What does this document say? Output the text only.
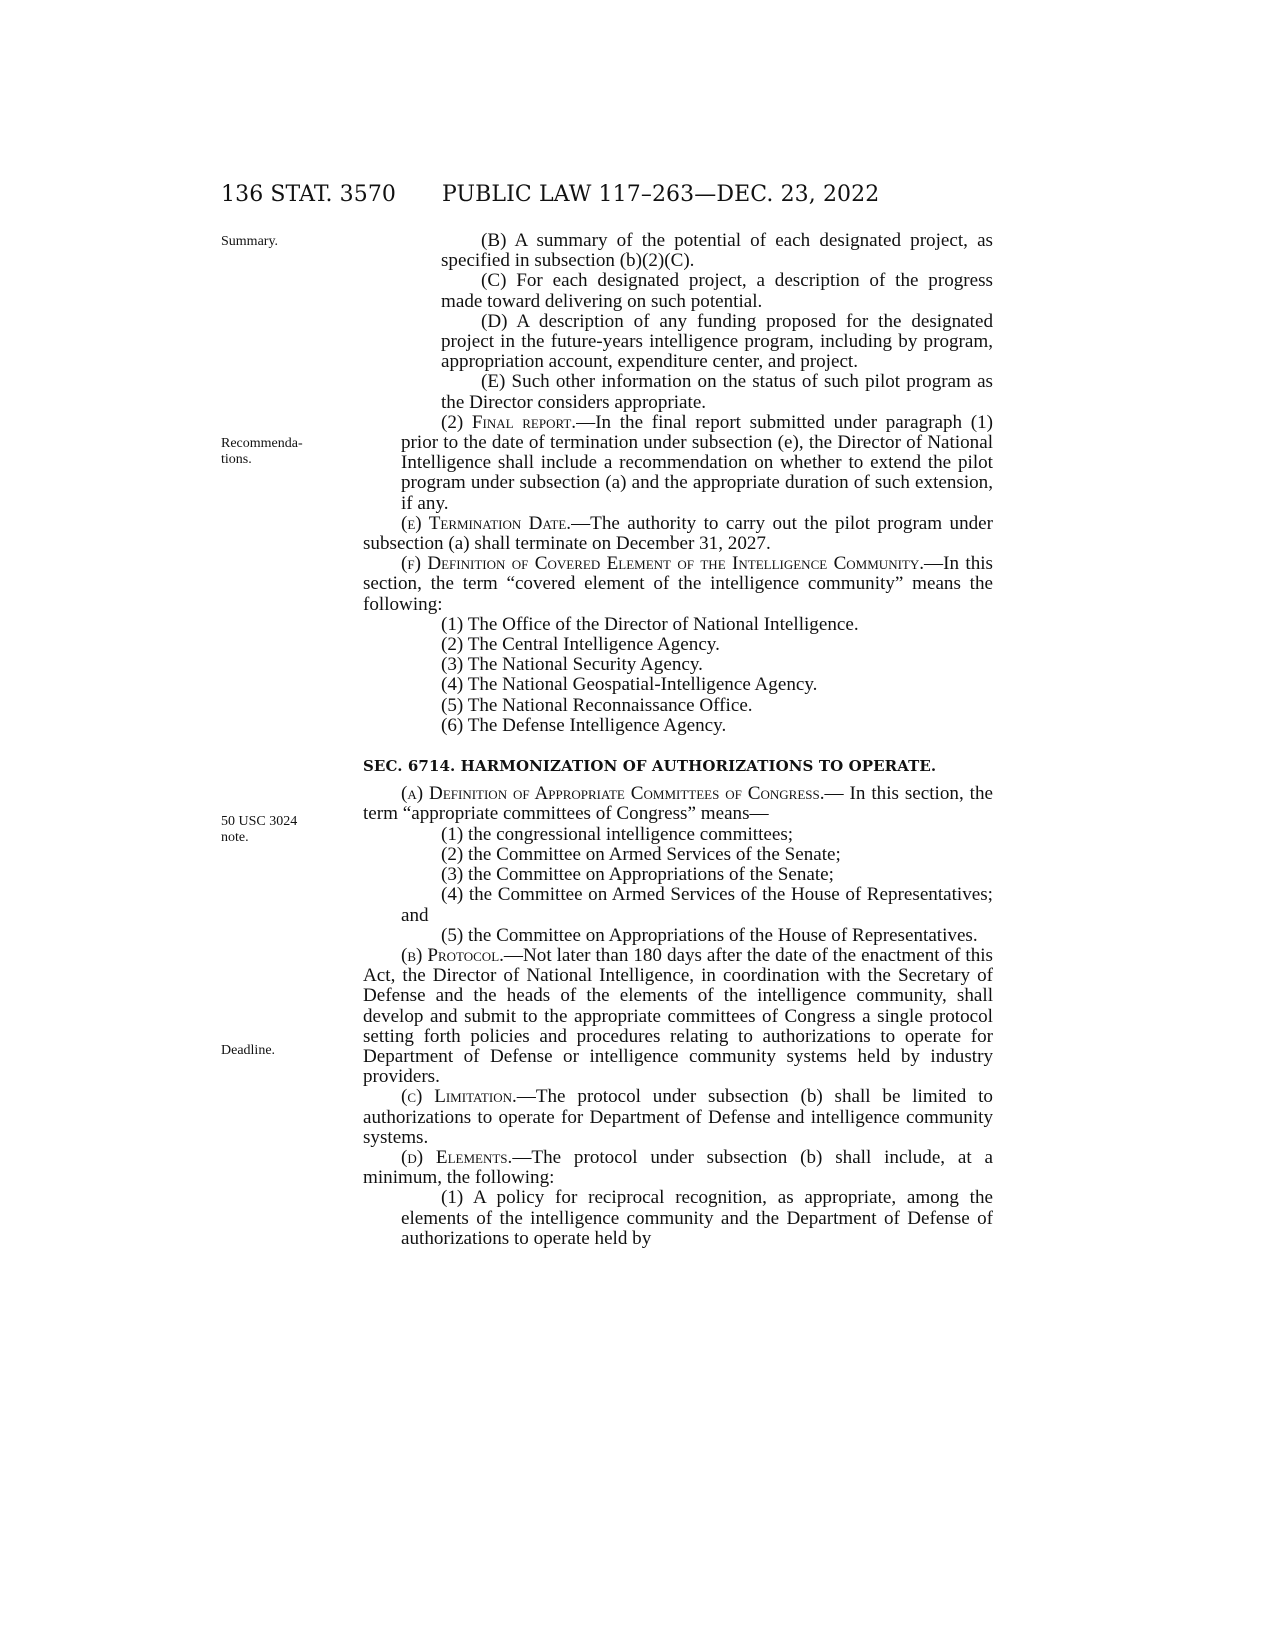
136 STAT. 3570 PUBLIC LAW 117–263—DEC. 23, 2022
Summary.
Recommenda-
tions.
50 USC 3024
note.
Deadline.

(B) A summary of the potential of each designated project, as specified in subsection (b)(2)(C).

(C) For each designated project, a description of the progress made toward delivering on such potential.

(D) A description of any funding proposed for the designated project in the future-years intelligence program, including by program, appropriation account, expenditure center, and project.

(E) Such other information on the status of such pilot program as the Director considers appropriate.

(2) Final report.—In the final report submitted under paragraph (1) prior to the date of termination under subsection (e), the Director of National Intelligence shall include a recommendation on whether to extend the pilot program under subsection (a) and the appropriate duration of such extension, if any.

(e) Termination Date.—The authority to carry out the pilot program under subsection (a) shall terminate on December 31, 2027.

(f) Definition of Covered Element of the Intelligence Community.—In this section, the term “covered element of the intelligence community” means the following:

(1) The Office of the Director of National Intelligence.

(2) The Central Intelligence Agency.

(3) The National Security Agency.

(4) The National Geospatial-Intelligence Agency.

(5) The National Reconnaissance Office.

(6) The Defense Intelligence Agency.

SEC. 6714. HARMONIZATION OF AUTHORIZATIONS TO OPERATE.

(a) Definition of Appropriate Committees of Congress.— In this section, the term “appropriate committees of Congress” means—

(1) the congressional intelligence committees;

(2) the Committee on Armed Services of the Senate;

(3) the Committee on Appropriations of the Senate;

(4) the Committee on Armed Services of the House of Representatives; and

(5) the Committee on Appropriations of the House of Representatives.

(b) Protocol.—Not later than 180 days after the date of the enactment of this Act, the Director of National Intelligence, in coordination with the Secretary of Defense and the heads of the elements of the intelligence community, shall develop and submit to the appropriate committees of Congress a single protocol setting forth policies and procedures relating to authorizations to operate for Department of Defense or intelligence community systems held by industry providers.

(c) Limitation.—The protocol under subsection (b) shall be limited to authorizations to operate for Department of Defense and intelligence community systems.

(d) Elements.—The protocol under subsection (b) shall include, at a minimum, the following:

(1) A policy for reciprocal recognition, as appropriate, among the elements of the intelligence community and the Department of Defense of authorizations to operate held by
